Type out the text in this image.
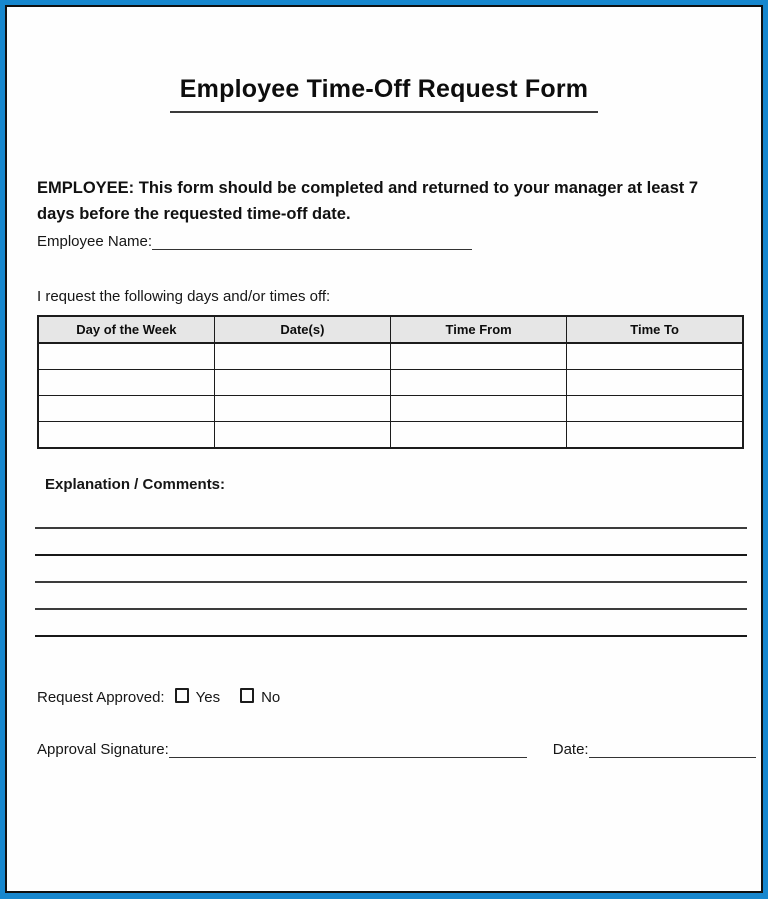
Employee Time-Off Request Form

EMPLOYEE: This form should be completed and returned to your manager at least 7 days before the requested time-off date.

Employee Name:
I request the following days and/or times off:
Day of the Week	Date(s)	Time From	Time To

Explanation / Comments:
Request Approved: Yes	No
Approval Signature:	Date:
